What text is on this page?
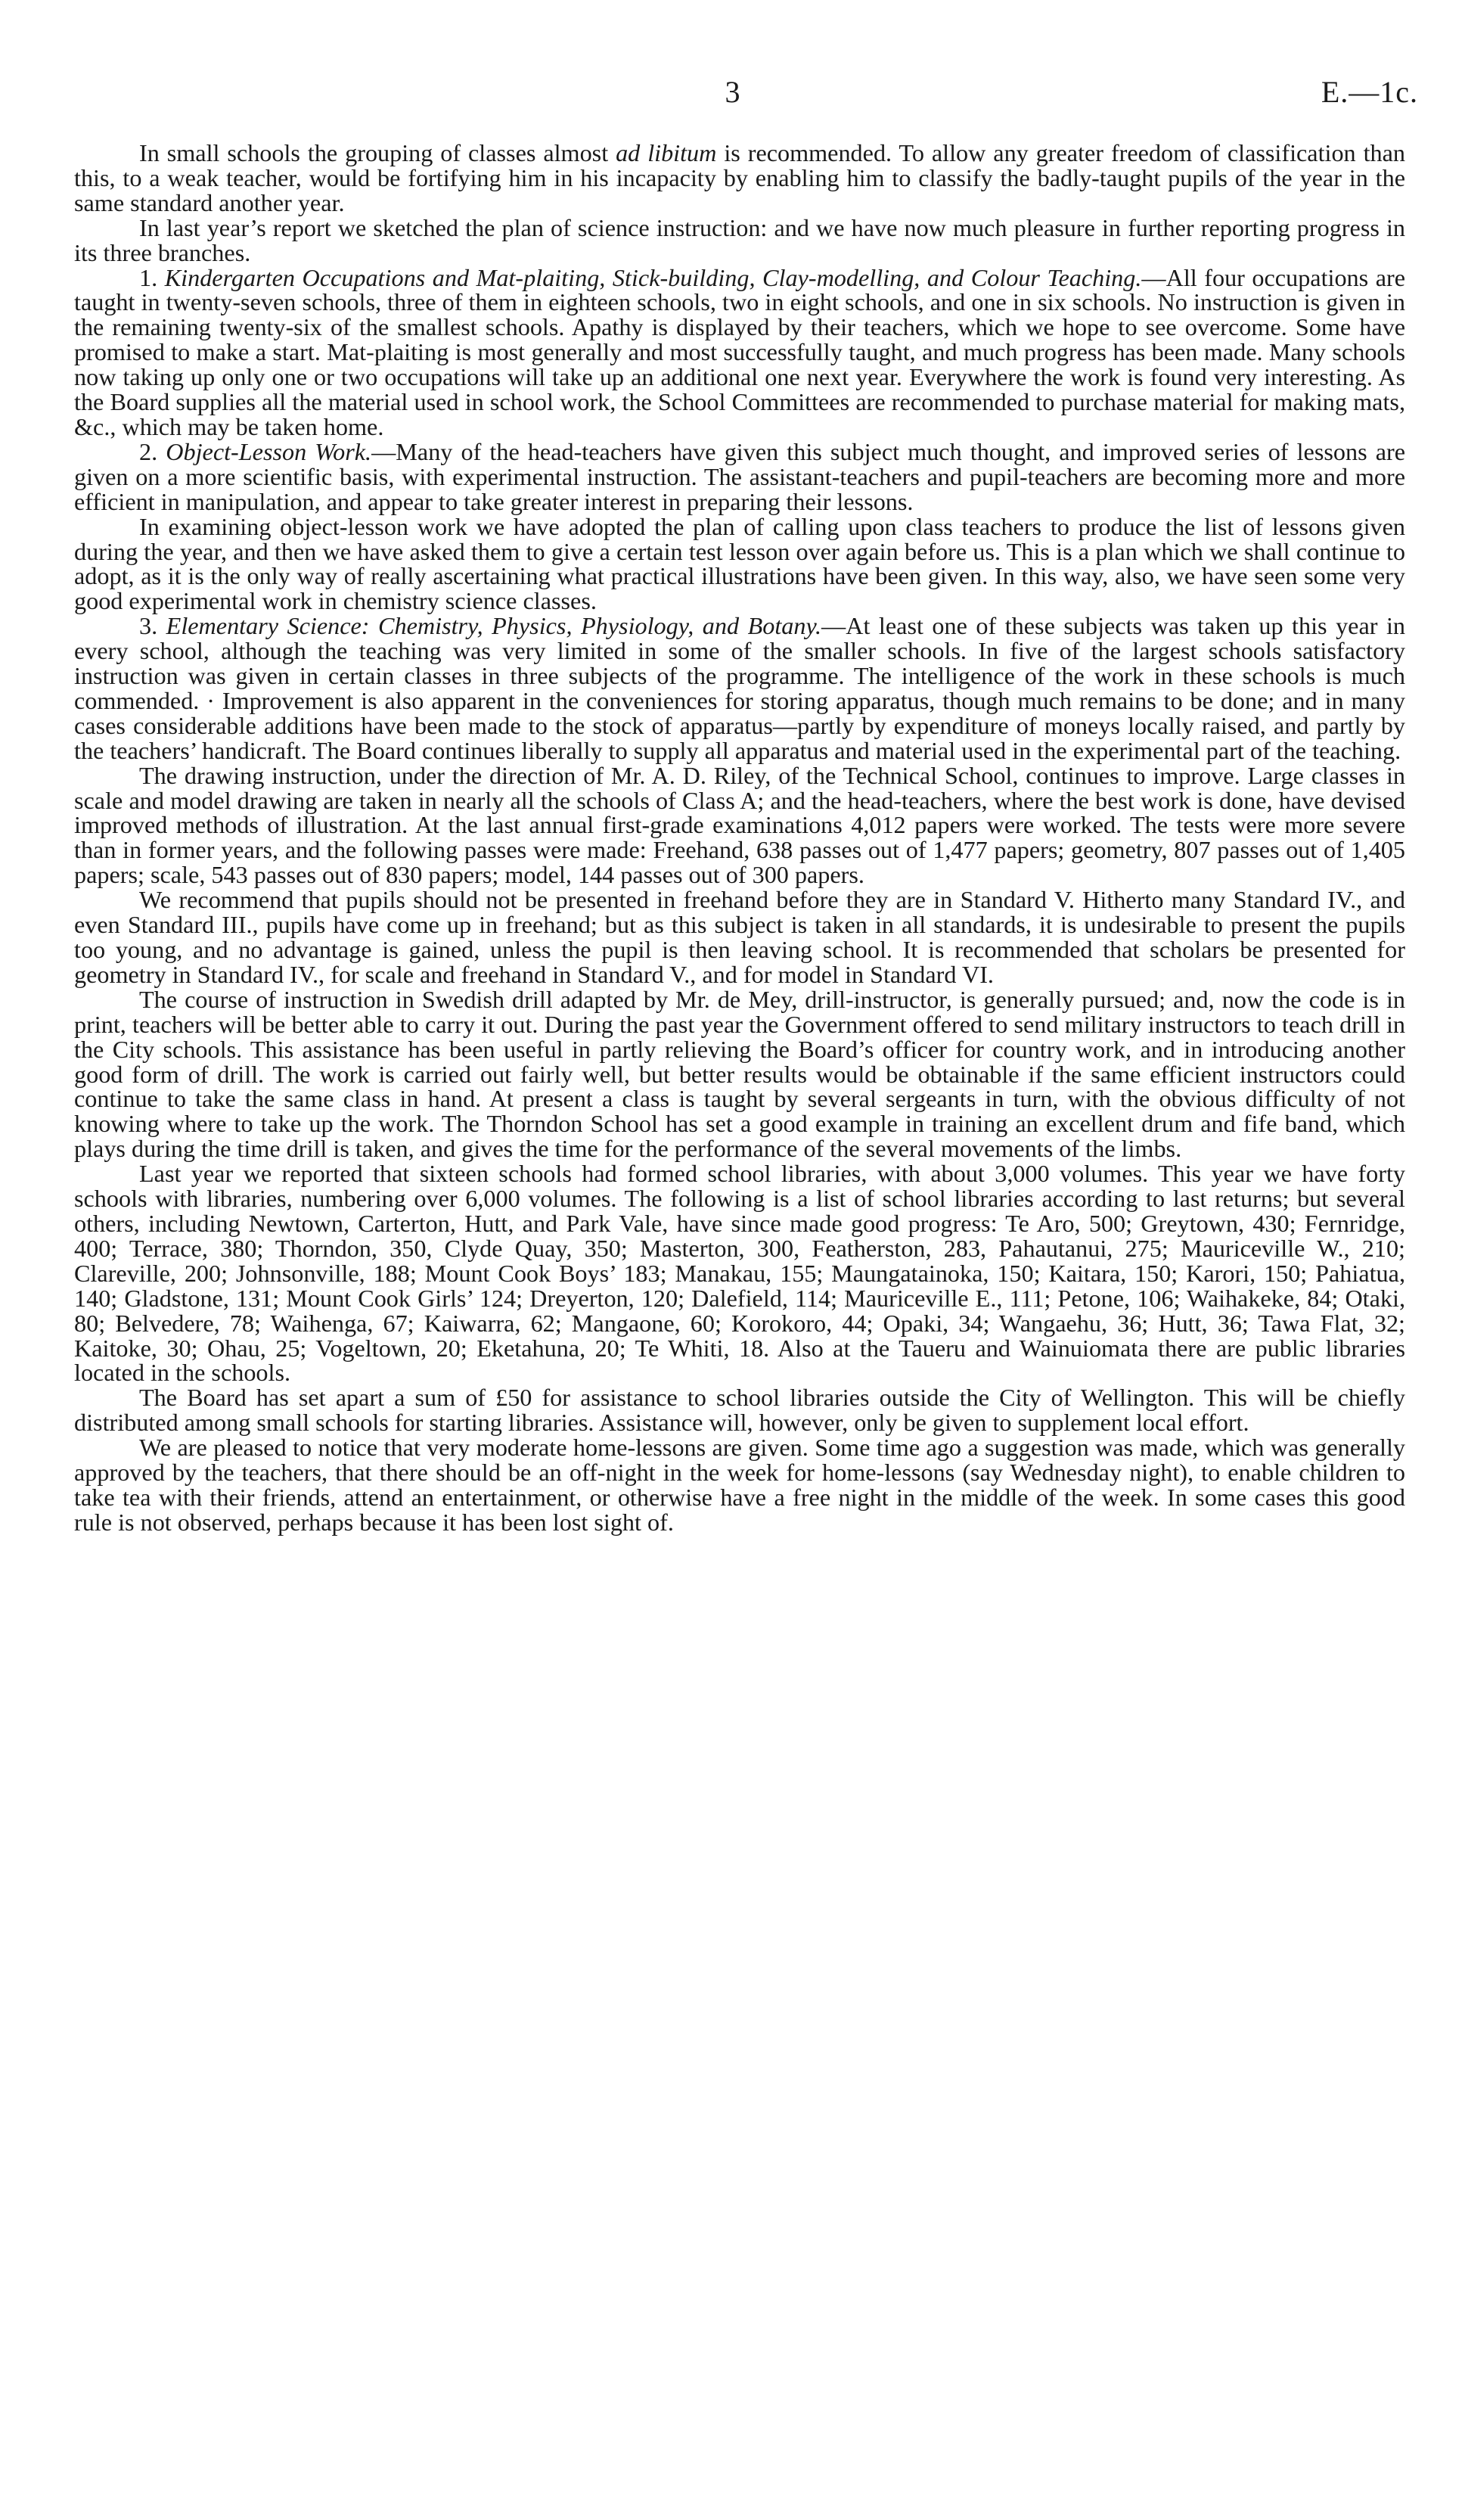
3	E.—1c.

In small schools the grouping of classes almost ad libitum is recommended. To allow any greater freedom of classification than this, to a weak teacher, would be fortifying him in his incapacity by enabling him to classify the badly-taught pupils of the year in the same standard another year.

In last year’s report we sketched the plan of science instruction: and we have now much pleasure in further reporting progress in its three branches.

1. Kindergarten Occupations and Mat-plaiting, Stick-building, Clay-modelling, and Colour Teaching.—All four occupations are taught in twenty-seven schools, three of them in eighteen schools, two in eight schools, and one in six schools. No instruction is given in the remaining twenty-six of the smallest schools. Apathy is displayed by their teachers, which we hope to see overcome. Some have promised to make a start. Mat-plaiting is most generally and most successfully taught, and much progress has been made. Many schools now taking up only one or two occupations will take up an additional one next year. Everywhere the work is found very interesting. As the Board supplies all the material used in school work, the School Committees are recommended to purchase material for making mats, &c., which may be taken home.

2. Object-Lesson Work.—Many of the head-teachers have given this subject much thought, and improved series of lessons are given on a more scientific basis, with experimental instruction. The assistant-teachers and pupil-teachers are becoming more and more efficient in manipulation, and appear to take greater interest in preparing their lessons.

In examining object-lesson work we have adopted the plan of calling upon class teachers to produce the list of lessons given during the year, and then we have asked them to give a certain test lesson over again before us. This is a plan which we shall continue to adopt, as it is the only way of really ascertaining what practical illustrations have been given. In this way, also, we have seen some very good experimental work in chemistry science classes.

3. Elementary Science: Chemistry, Physics, Physiology, and Botany.—At least one of these subjects was taken up this year in every school, although the teaching was very limited in some of the smaller schools. In five of the largest schools satisfactory instruction was given in certain classes in three subjects of the programme. The intelligence of the work in these schools is much commended. · Improvement is also apparent in the conveniences for storing apparatus, though much remains to be done; and in many cases considerable additions have been made to the stock of apparatus—partly by expenditure of moneys locally raised, and partly by the teachers’ handicraft. The Board continues liberally to supply all apparatus and material used in the experimental part of the teaching.

The drawing instruction, under the direction of Mr. A. D. Riley, of the Technical School, continues to improve. Large classes in scale and model drawing are taken in nearly all the schools of Class A; and the head-teachers, where the best work is done, have devised improved methods of illustration. At the last annual first-grade examinations 4,012 papers were worked. The tests were more severe than in former years, and the following passes were made: Freehand, 638 passes out of 1,477 papers; geometry, 807 passes out of 1,405 papers; scale, 543 passes out of 830 papers; model, 144 passes out of 300 papers.

We recommend that pupils should not be presented in freehand before they are in Standard V. Hitherto many Standard IV., and even Standard III., pupils have come up in freehand; but as this subject is taken in all standards, it is undesirable to present the pupils too young, and no advantage is gained, unless the pupil is then leaving school. It is recommended that scholars be presented for geometry in Standard IV., for scale and freehand in Standard V., and for model in Standard VI.

The course of instruction in Swedish drill adapted by Mr. de Mey, drill-instructor, is generally pursued; and, now the code is in print, teachers will be better able to carry it out. During the past year the Government offered to send military instructors to teach drill in the City schools. This assistance has been useful in partly relieving the Board’s officer for country work, and in introducing another good form of drill. The work is carried out fairly well, but better results would be obtainable if the same efficient instructors could continue to take the same class in hand. At present a class is taught by several sergeants in turn, with the obvious difficulty of not knowing where to take up the work. The Thorndon School has set a good example in training an excellent drum and fife band, which plays during the time drill is taken, and gives the time for the performance of the several movements of the limbs.

Last year we reported that sixteen schools had formed school libraries, with about 3,000 volumes. This year we have forty schools with libraries, numbering over 6,000 volumes. The following is a list of school libraries according to last returns; but several others, including Newtown, Carterton, Hutt, and Park Vale, have since made good progress: Te Aro, 500; Greytown, 430; Fernridge, 400; Terrace, 380; Thorndon, 350, Clyde Quay, 350; Masterton, 300, Featherston, 283, Pahautanui, 275; Mauriceville W., 210; Clareville, 200; Johnsonville, 188; Mount Cook Boys’ 183; Manakau, 155; Maungatainoka, 150; Kaitara, 150; Karori, 150; Pahiatua, 140; Gladstone, 131; Mount Cook Girls’ 124; Dreyerton, 120; Dalefield, 114; Mauriceville E., 111; Petone, 106; Waihakeke, 84; Otaki, 80; Belvedere, 78; Waihenga, 67; Kaiwarra, 62; Mangaone, 60; Korokoro, 44; Opaki, 34; Wangaehu, 36; Hutt, 36; Tawa Flat, 32; Kaitoke, 30; Ohau, 25; Vogeltown, 20; Eketahuna, 20; Te Whiti, 18. Also at the Taueru and Wainuiomata there are public libraries located in the schools.

The Board has set apart a sum of £50 for assistance to school libraries outside the City of Wellington. This will be chiefly distributed among small schools for starting libraries. Assistance will, however, only be given to supplement local effort.

We are pleased to notice that very moderate home-lessons are given. Some time ago a suggestion was made, which was generally approved by the teachers, that there should be an off-night in the week for home-lessons (say Wednesday night), to enable children to take tea with their friends, attend an entertainment, or otherwise have a free night in the middle of the week. In some cases this good rule is not observed, perhaps because it has been lost sight of.
